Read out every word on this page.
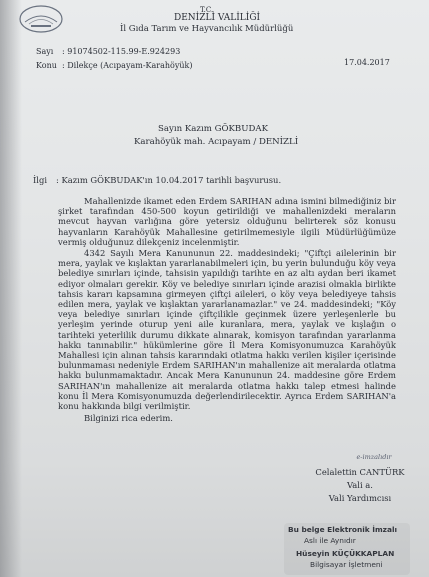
T.C.
DENİZLİ VALİLİĞİ
İl Gıda Tarım ve Hayvancılık Müdürlüğü
Sayı : 91074502-115.99-E.924293
Konu : Dilekçe (Acıpayam-Karahöyük)	17.04.2017
Sayın Kazım GÖKBUDAK
Karahöyük mah. Acıpayam / DENİZLİ
İlgi : Kazım GÖKBUDAK'ın 10.04.2017 tarihli başvurusu.

Mahallenizde ikamet eden Erdem SARIHAN adına ismini bilmediğiniz bir şirket tarafından 450-500 koyun getirildiği ve mahallenizdeki meraların mevcut hayvan varlığına göre yetersiz olduğunu belirterek söz konusu hayvanların Karahöyük Mahallesine getirilmemesiyle ilgili Müdürlüğümüze vermiş olduğunuz dilekçeniz incelenmiştir.

4342 Sayılı Mera Kanununun 22. maddesindeki; "Çiftçi ailelerinin bir mera, yaylak ve kışlaktan yararlanabilmeleri için, bu yerin bulunduğu köy veya belediye sınırları içinde, tahsisin yapıldığı tarihte en az altı aydan beri ikamet ediyor olmaları gerekir. Köy ve belediye sınırları içinde arazisi olmakla birlikte tahsis kararı kapsamına girmeyen çiftçi aileleri, o köy veya belediyeye tahsis edilen mera, yaylak ve kışlaktan yararlanamazlar." ve 24. maddesindeki; "Köy veya belediye sınırları içinde çiftçilikle geçinmek üzere yerleşenlerle bu yerleşim yerinde oturup yeni aile kuranlara, mera, yaylak ve kışlağın o tarihteki yeterlilik durumu dikkate alınarak, komisyon tarafından yararlanma hakkı tanınabilir." hükümlerine göre İl Mera Komisyonumuzca Karahöyük Mahallesi için alınan tahsis kararındaki otlatma hakkı verilen kişiler içerisinde bulunmaması nedeniyle Erdem SARIHAN'ın mahallenize ait meralarda otlatma hakkı bulunmamaktadır. Ancak Mera Kanununun 24. maddesine göre Erdem SARIHAN'ın mahallenize ait meralarda otlatma hakkı talep etmesi halinde konu İl Mera Komisyonumuzda değerlendirilecektir. Ayrıca Erdem SARIHAN'a konu hakkında bilgi verilmiştir.

Bilginizi rica ederim.

e-imzalıdır
Celalettin CANTÜRK
Vali a.
Vali Yardımcısı
Bu belge Elektronik İmzalı
Aslı ile Aynıdır
Hüseyin KÜÇÜKKAPLAN
Bilgisayar İşletmeni
